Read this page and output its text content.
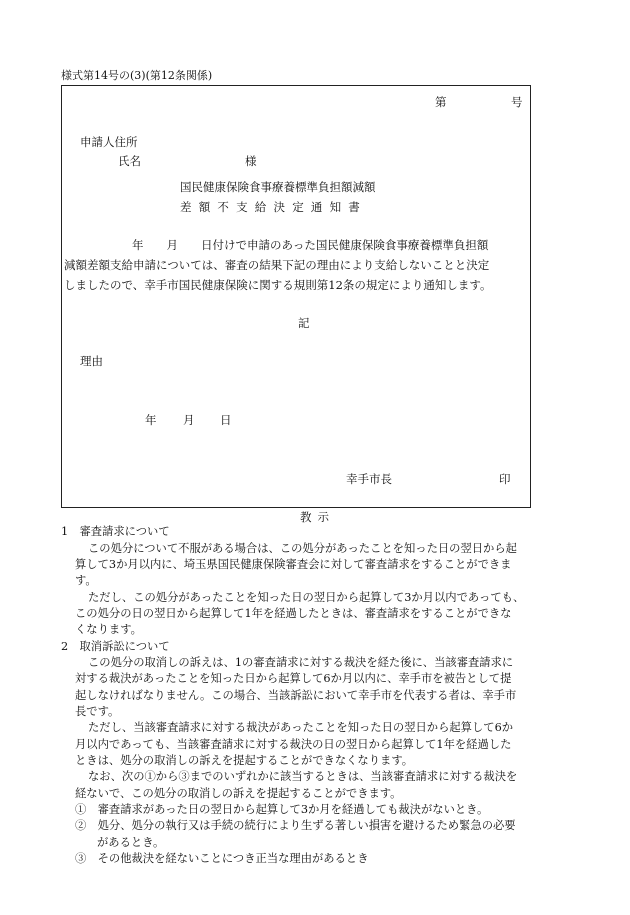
様式第14号の(3)(第12条関係)
第	号
申請人住所
氏名	様
国民健康保険食事療養標準負担額減額
差額不支給決定通知書
年　　月　　日付けで申請のあった国民健康保険食事療養標準負担額
減額差額支給申請については、審査の結果下記の理由により支給しないことと決定
しましたので、幸手市国民健康保険に関する規則第12条の規定により通知します。
記
理由
年 月 日
幸手市長	印
教示
1　審査請求について
この処分について不服がある場合は、この処分があったことを知った日の翌日から起
算して3か月以内に、埼玉県国民健康保険審査会に対して審査請求をすることができま
す。
ただし、この処分があったことを知った日の翌日から起算して3か月以内であっても、
この処分の日の翌日から起算して1年を経過したときは、審査請求をすることができな
くなります。
2　取消訴訟について
この処分の取消しの訴えは、1の審査請求に対する裁決を経た後に、当該審査請求に
対する裁決があったことを知った日から起算して6か月以内に、幸手市を被告として提
起しなければなりません。この場合、当該訴訟において幸手市を代表する者は、幸手市
長です。
ただし、当該審査請求に対する裁決があったことを知った日の翌日から起算して6か
月以内であっても、当該審査請求に対する裁決の日の翌日から起算して1年を経過した
ときは、処分の取消しの訴えを提起することができなくなります。
なお、次の①から③までのいずれかに該当するときは、当該審査請求に対する裁決を
経ないで、この処分の取消しの訴えを提起することができます。
①　審査請求があった日の翌日から起算して3か月を経過しても裁決がないとき。
②　処分、処分の執行又は手続の続行により生ずる著しい損害を避けるため緊急の必要
があるとき。
③　その他裁決を経ないことにつき正当な理由があるとき
